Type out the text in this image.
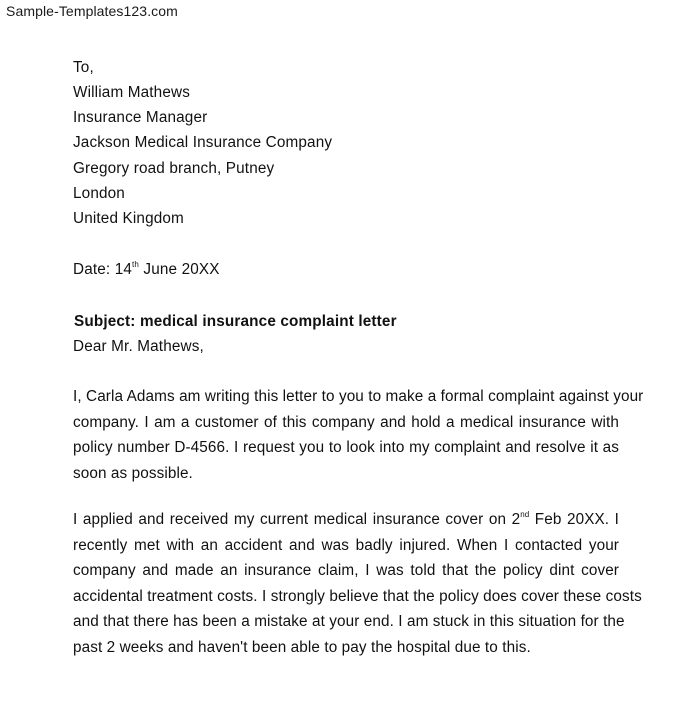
Sample-Templates123.com
To,
William Mathews
Insurance Manager
Jackson Medical Insurance Company
Gregory road branch, Putney
London
United Kingdom
Date: 14th June 20XX
Subject: medical insurance complaint letter
Dear Mr. Mathews,
I, Carla Adams am writing this letter to you to make a formal complaint against your
company. I am a customer of this company and hold a medical insurance with
policy number D-4566. I request you to look into my complaint and resolve it as
soon as possible.
I applied and received my current medical insurance cover on 2nd Feb 20XX. I
recently met with an accident and was badly injured. When I contacted your
company and made an insurance claim, I was told that the policy dint cover
accidental treatment costs. I strongly believe that the policy does cover these costs
and that there has been a mistake at your end. I am stuck in this situation for the
past 2 weeks and haven't been able to pay the hospital due to this.
